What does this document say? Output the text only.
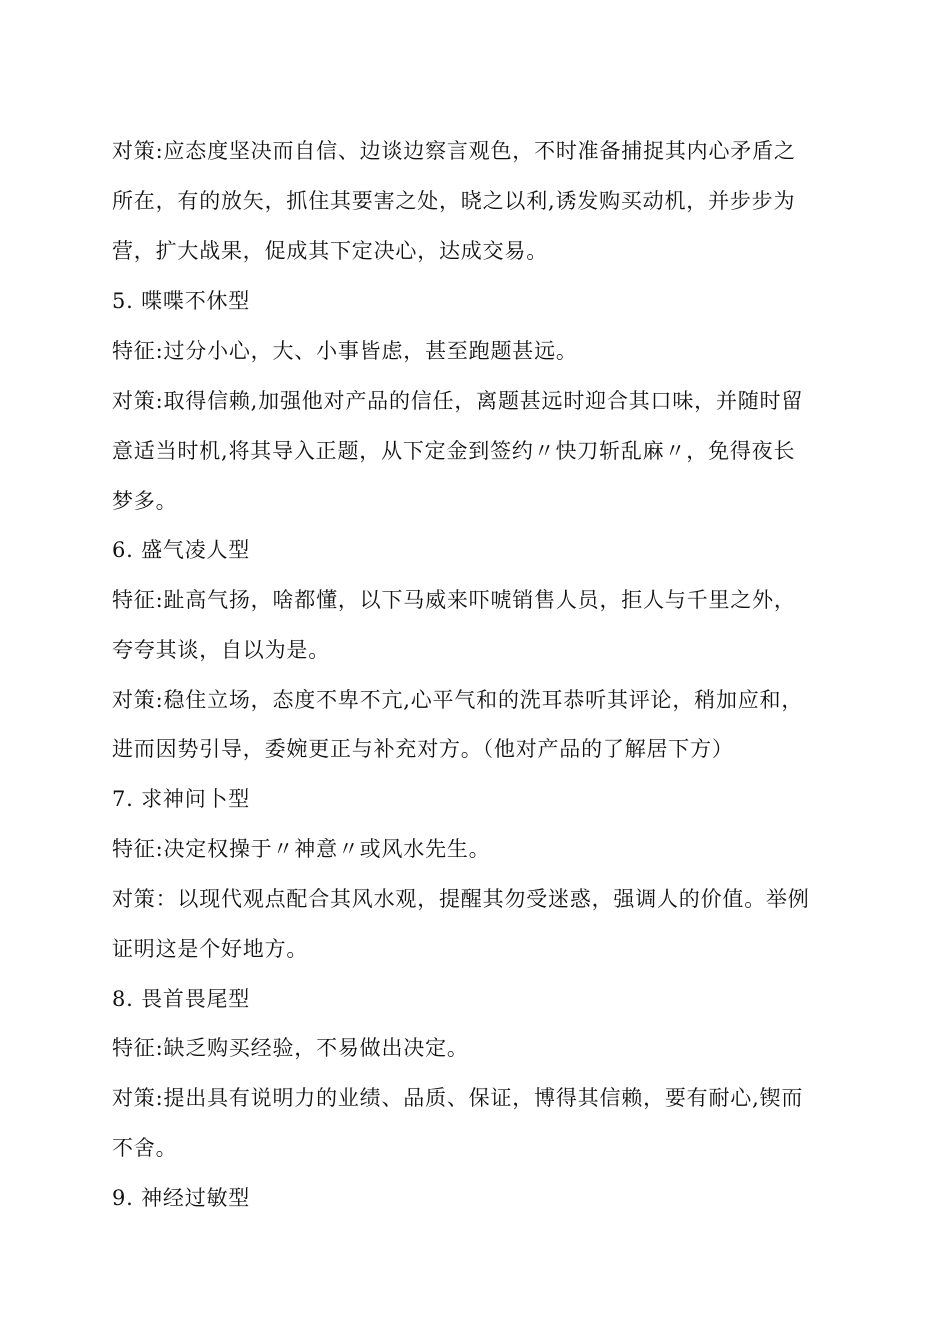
对策:应态度坚决而自信、边谈边察言观色，不时准备捕捉其内心矛盾之
所在，有的放矢，抓住其要害之处，晓之以利,诱发购买动机，并步步为
营，扩大战果，促成其下定决心，达成交易。
5. 喋喋不休型
特征:过分小心，大、小事皆虑，甚至跑题甚远。
对策:取得信赖,加强他对产品的信任，离题甚远时迎合其口味，并随时留
意适当时机,将其导入正题，从下定金到签约〃快刀斩乱麻〃，免得夜长
梦多。
6. 盛气凌人型
特征:趾高气扬，啥都懂，以下马威来吓唬销售人员，拒人与千里之外，
夸夸其谈，自以为是。
对策:稳住立场，态度不卑不亢,心平气和的洗耳恭听其评论，稍加应和，
进而因势引导，委婉更正与补充对方。（他对产品的了解居下方）
7. 求神问卜型
特征:决定权操于〃神意〃或风水先生。
对策：以现代观点配合其风水观，提醒其勿受迷惑，强调人的价值。举例
证明这是个好地方。
8. 畏首畏尾型
特征:缺乏购买经验，不易做出决定。
对策:提出具有说明力的业绩、品质、保证，博得其信赖，要有耐心,锲而
不舍。
9. 神经过敏型
